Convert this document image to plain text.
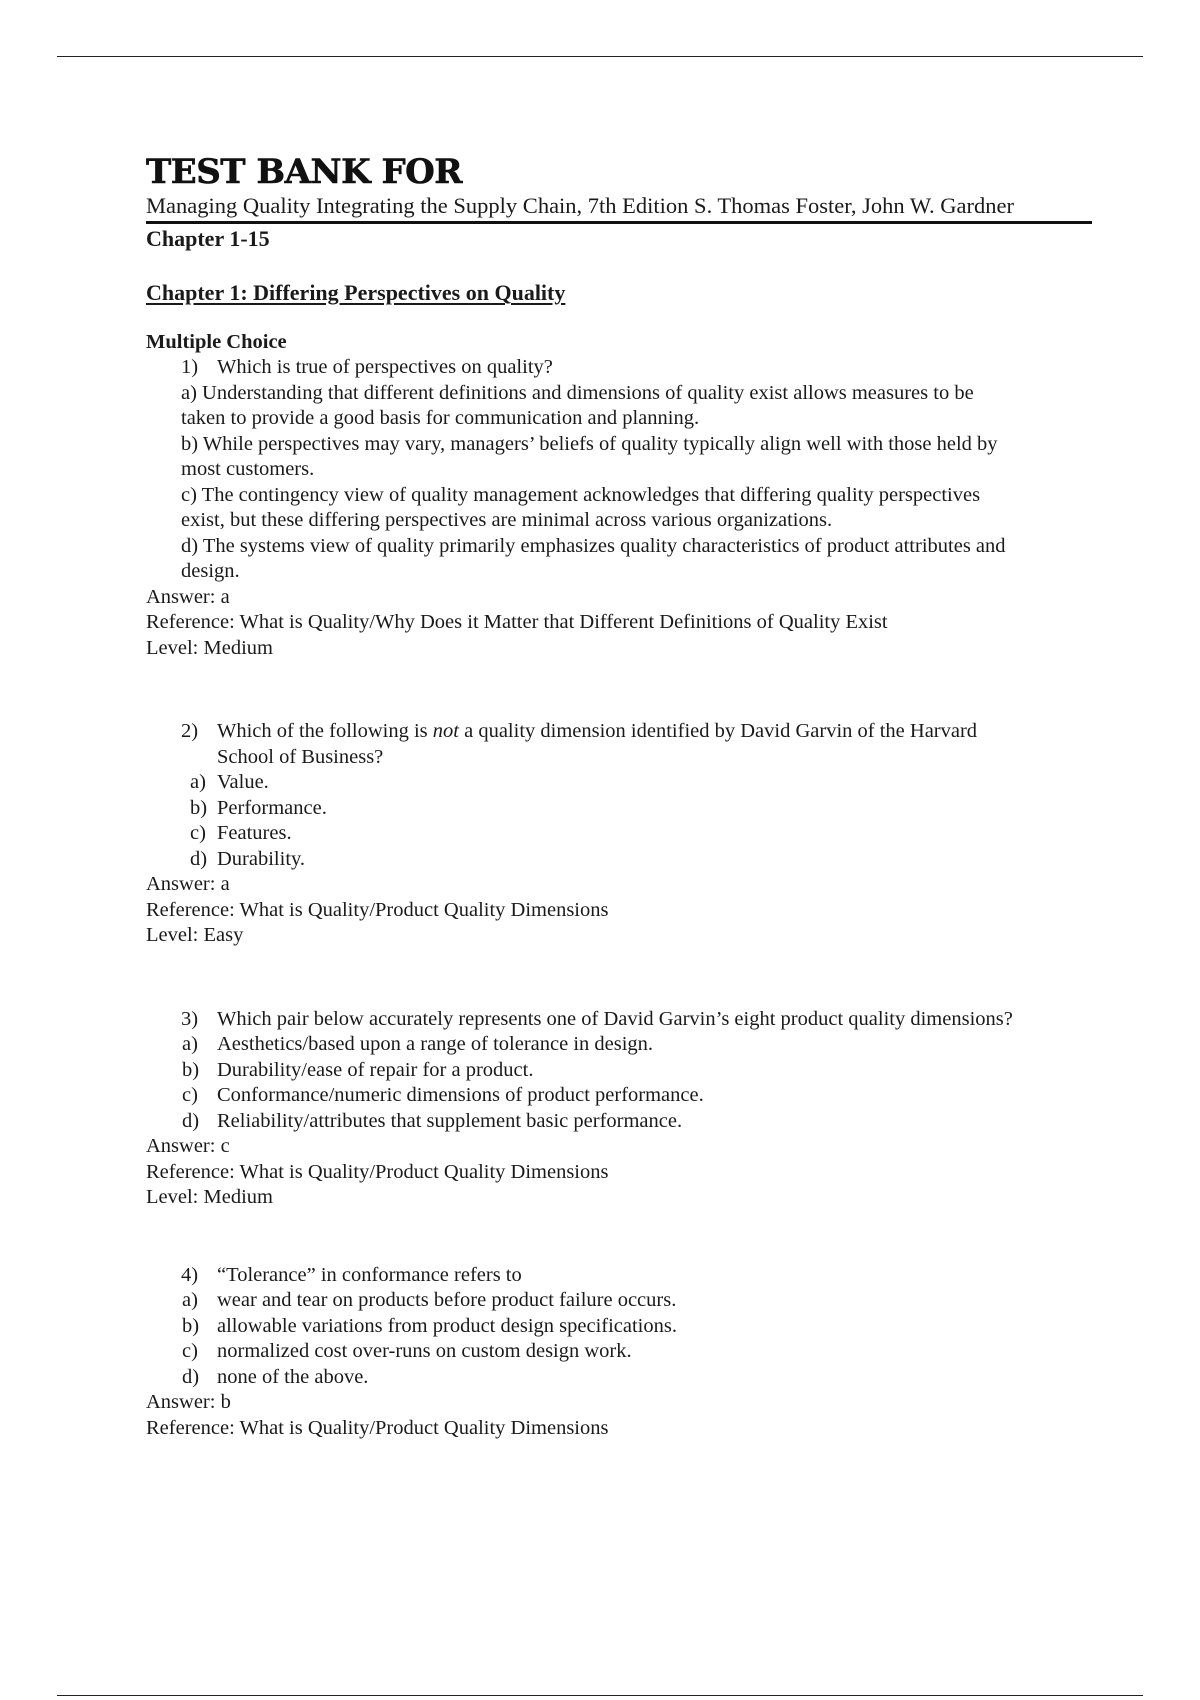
TEST BANK FOR
Managing Quality Integrating the Supply Chain, 7th Edition S. Thomas Foster, John W. Gardner
Chapter 1-15
Chapter 1: Differing Perspectives on Quality
Multiple Choice
1) Which is true of perspectives on quality?
a) Understanding that different definitions and dimensions of quality exist allows measures to be
taken to provide a good basis for communication and planning.
b) While perspectives may vary, managers’ beliefs of quality typically align well with those held by
most customers.
c) The contingency view of quality management acknowledges that differing quality perspectives
exist, but these differing perspectives are minimal across various organizations.
d) The systems view of quality primarily emphasizes quality characteristics of product attributes and
design.
Answer: a
Reference: What is Quality/Why Does it Matter that Different Definitions of Quality Exist
Level: Medium
2) Which of the following is not a quality dimension identified by David Garvin of the Harvard
School of Business?
a) Value.
b) Performance.
c) Features.
d) Durability.
Answer: a
Reference: What is Quality/Product Quality Dimensions
Level: Easy
3) Which pair below accurately represents one of David Garvin’s eight product quality dimensions?
a) Aesthetics/based upon a range of tolerance in design.
b) Durability/ease of repair for a product.
c) Conformance/numeric dimensions of product performance.
d) Reliability/attributes that supplement basic performance.
Answer: c
Reference: What is Quality/Product Quality Dimensions
Level: Medium
4) “Tolerance” in conformance refers to
a) wear and tear on products before product failure occurs.
b) allowable variations from product design specifications.
c) normalized cost over-runs on custom design work.
d) none of the above.
Answer: b
Reference: What is Quality/Product Quality Dimensions
